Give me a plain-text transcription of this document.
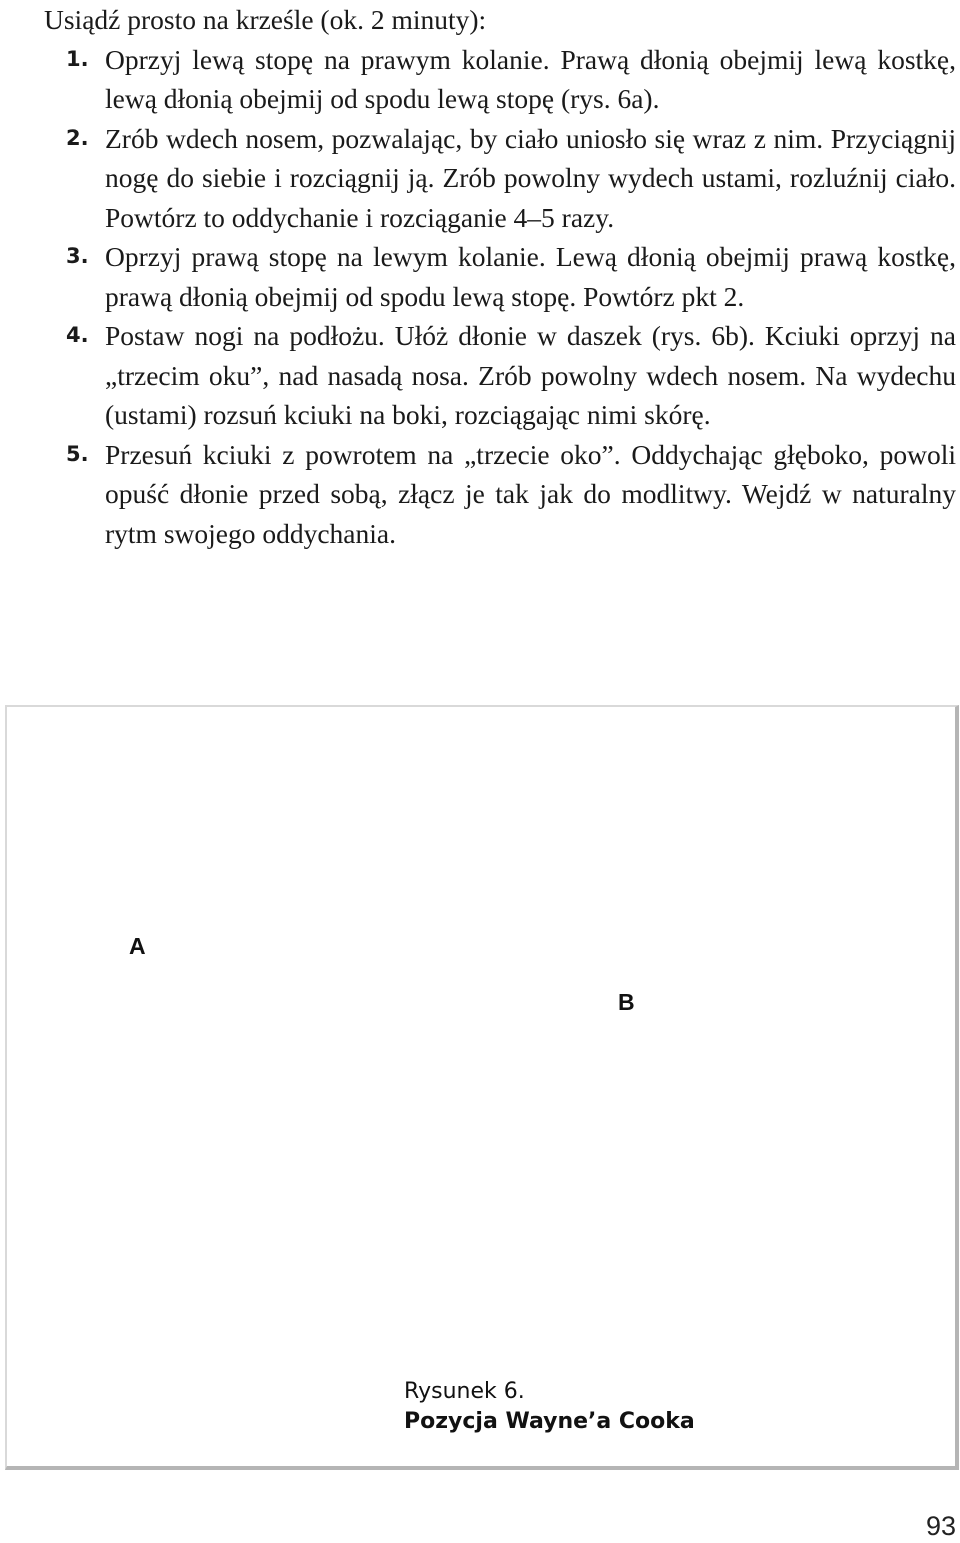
Usiądź prosto na krześle (ok. 2 minuty):

1. Oprzyj lewą stopę na prawym kolanie. Prawą dłonią obejmij lewą kostkę, lewą dłonią obejmij od spodu lewą stopę (rys. 6a).
2. Zrób wdech nosem, pozwalając, by ciało uniosło się wraz z nim. Przyciągnij nogę do siebie i rozciągnij ją. Zrób powolny wydech ustami, rozluźnij ciało. Powtórz to oddychanie i rozciąganie 4–5 razy.
3. Oprzyj prawą stopę na lewym kolanie. Lewą dłonią obejmij prawą kostkę, prawą dłonią obejmij od spodu lewą stopę. Powtórz pkt 2.
4. Postaw nogi na podłożu. Ułóż dłonie w daszek (rys. 6b). Kciuki oprzyj na „trzecim oku”, nad nasadą nosa. Zrób powolny wdech nosem. Na wydechu (ustami) rozsuń kciuki na boki, rozciągając nimi skórę.
5. Przesuń kciuki z powrotem na „trzecie oko”. Oddychając głęboko, powoli opuść dłonie przed sobą, złącz je tak jak do modlitwy. Wejdź w naturalny rytm swojego oddychania.
A
B
Rysunek 6.
Pozycja Wayne’a Cooka
93
